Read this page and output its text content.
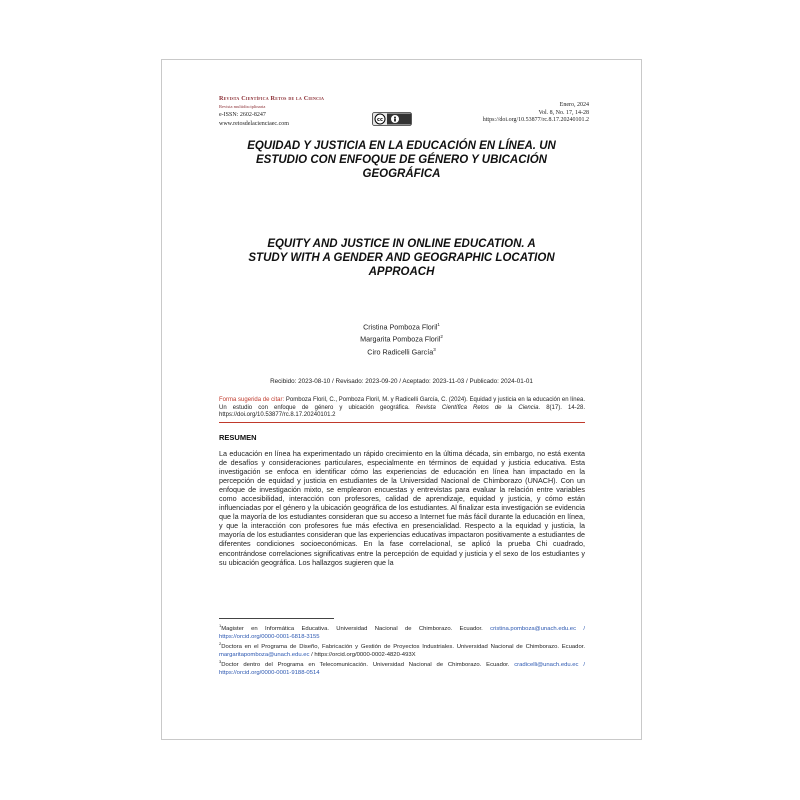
Revista Científica Retos de la Ciencia
Revista multidisciplinaria
e-ISSN: 2602-8247
www.retosdelacienciaec.com
cc
Enero, 2024
Vol. 8, No. 17, 14-28
https://doi.org/10.53877/rc.8.17.20240101.2
EQUIDAD Y JUSTICIA EN LA EDUCACIÓN EN LÍNEA. UN
ESTUDIO CON ENFOQUE DE GÉNERO Y UBICACIÓN
GEOGRÁFICA
EQUITY AND JUSTICE IN ONLINE EDUCATION. A
STUDY WITH A GENDER AND GEOGRAPHIC LOCATION
APPROACH
Cristina Pomboza Floril$^1$
Margarita Pomboza Floril$^2$
Ciro Radicelli García$^3$
Recibido: 2023-08-10 / Revisado: 2023-09-20 / Aceptado: 2023-11-03 / Publicado: 2024-01-01
Forma sugerida de citar: Pomboza Floril, C., Pomboza Floril, M. y Radicelli García, C. (2024). Equidad y justicia en la educación en línea. Un estudio con enfoque de género y ubicación geográfica. Revista Científica Retos de la Ciencia. 8(17). 14-28. https://doi.org/10.53877/rc.8.17.20240101.2
RESUMEN
La educación en línea ha experimentado un rápido crecimiento en la última década, sin embargo, no está exenta de desafíos y consideraciones particulares, especialmente en términos de equidad y justicia educativa. Esta investigación se enfoca en identificar cómo las experiencias de educación en línea han impactado en la percepción de equidad y justicia en estudiantes de la Universidad Nacional de Chimborazo (UNACH). Con un enfoque de investigación mixto, se emplearon encuestas y entrevistas para evaluar la relación entre variables como accesibilidad, interacción con profesores, calidad de aprendizaje, equidad y justicia, y cómo están influenciadas por el género y la ubicación geográfica de los estudiantes. Al finalizar esta investigación se evidencia que la mayoría de los estudiantes consideran que su acceso a Internet fue más fácil durante la educación en línea, y que la interacción con profesores fue más efectiva en presencialidad. Respecto a la equidad y justicia, la mayoría de los estudiantes consideran que las experiencias educativas impactaron positivamente a estudiantes de diferentes condiciones socioeconómicas. En la fase correlacional, se aplicó la prueba Chi cuadrado, encontrándose correlaciones significativas entre la percepción de equidad y justicia y el sexo de los estudiantes y su ubicación geográfica. Los hallazgos sugieren que la
$^1$Magister en Informática Educativa. Universidad Nacional de Chimborazo. Ecuador. cristina.pomboza@unach.edu.ec / https://orcid.org/0000-0001-6818-3155
$^2$Doctora en el Programa de Diseño, Fabricación y Gestión de Proyectos Industriales. Universidad Nacional de Chimborazo. Ecuador. margaritapomboza@unach.edu.ec / https://orcid.org/0000-0002-4820-493X
$^3$Doctor dentro del Programa en Telecomunicación. Universidad Nacional de Chimborazo. Ecuador. cradicelli@unach.edu.ec / https://orcid.org/0000-0001-9188-0514
